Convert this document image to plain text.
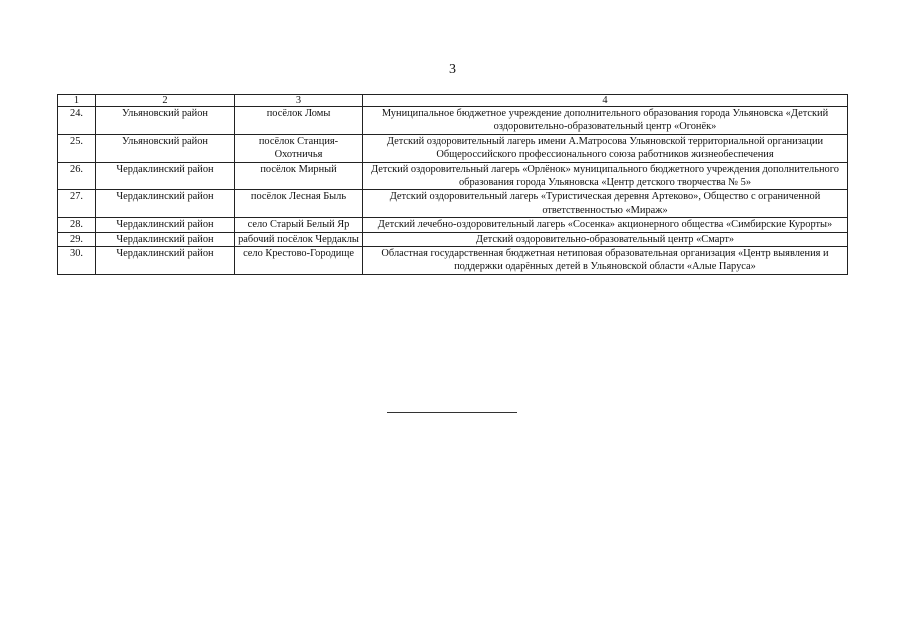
3
1	2	3	4
24.	Ульяновский район	посёлок Ломы	Муниципальное бюджетное учреждение дополнительного образования города Ульяновска «Детский оздоровительно-образовательный центр «Огонёк»
25.	Ульяновский район	посёлок Станция-Охотничья	Детский оздоровительный лагерь имени А.Матросова Ульяновской территориальной организации Общероссийского профессионального союза работников жизнеобеспечения
26.	Чердаклинский район	посёлок Мирный	Детский оздоровительный лагерь «Орлёнок» муниципального бюджетного учреждения дополнительного образования города Ульяновска «Центр детского творчества № 5»
27.	Чердаклинский район	посёлок Лесная Быль	Детский оздоровительный лагерь «Туристическая деревня Артеково», Общество с ограниченной ответственностью «Мираж»
28.	Чердаклинский район	село Старый Белый Яр	Детский лечебно-оздоровительный лагерь «Сосенка» акционерного общества «Симбирские Курорты»
29.	Чердаклинский район	рабочий посёлок Чердаклы	Детский оздоровительно-образовательный центр «Смарт»
30.	Чердаклинский район	село Крестово-Городище	Областная государственная бюджетная нетиповая образовательная организация «Центр выявления и поддержки одарённых детей в Ульяновской области «Алые Паруса»
